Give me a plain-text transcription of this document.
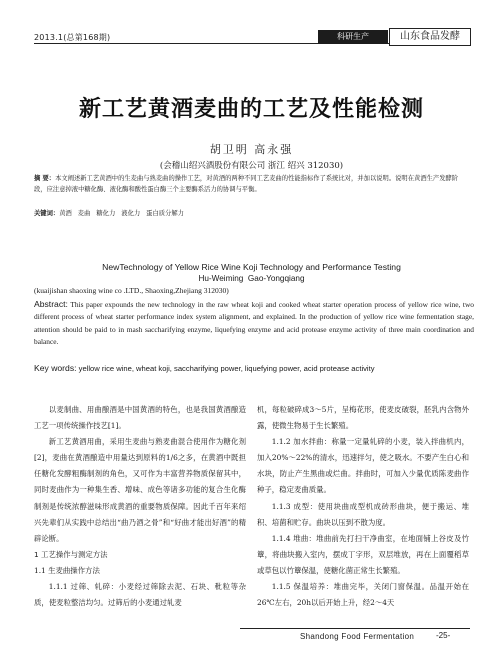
2013.1(总第168期)	科研生产	山东食品发酵
新工艺黄酒麦曲的工艺及性能检测
胡卫明 高永强
(会稽山绍兴酒股份有限公司 浙江 绍兴 312030)
摘 要：本文阐述新工艺黄酒中的生麦曲与熟麦曲的操作工艺，对黄酒的两种不同工艺麦曲的性能指标作了系统比对，并加以说明。说明在黄酒生产发酵阶段，应注意掉液中糖化酶、液化酶和酸性蛋白酶三个主要酶系活力的协调与平衡。
关键词：黄酒   麦曲   糖化力   液化力   蛋白质分解力
NewTechnology of Yellow Rice Wine Koji Technology and Performance Testing
Hu-Weiming  Gao-Yongqiang
(kuaijishan shaoxing wine co .LTD., Shaoxing,Zhejiang 312030)
Abstract: This paper expounds the new technology in the raw wheat koji and cooked wheat starter operation process of yellow rice wine, two different process of wheat starter performance index system alignment, and explained. In the production of yellow rice wine fermentation stage, attention should be paid to in mash saccharifying enzyme, liquefying enzyme and acid protease enzyme activity of three main coordination and balance.
Key words: yellow rice wine, wheat koji, saccharifying power, liquefying power, acid protease activity

以麦制曲、用曲酿酒是中国黄酒的特色，也是我国黄酒酿造工艺一项传统操作技艺[1]。

新工艺黄酒用曲，采用生麦曲与熟麦曲混合使用作为糖化剂[2]，麦曲在黄酒酿造中用量达到原料的1/6之多，在黄酒中既担任糖化发酵粗酶制剂的角色，又可作为丰富营养物质保留其中，同时麦曲作为一种集生香、增味、成色等诸多功能的复合生化酶制剂是传统浓醇滋味形成黄酒的重要物质保障。因此千百年来绍兴先辈们从实践中总结出“曲乃酒之骨”和“好曲才能出好酒”的精辟论断。

1 工艺操作与测定方法

1.1 生麦曲操作方法

1.1.1 过筛、轧碎：小麦经过筛除去泥、石块、秕粒等杂质，使麦粒整洁均匀。过筛后的小麦通过轧麦

机，每粒破碎成3～5片，呈梅花形，使麦皮破裂，胚乳内含物外露，使微生物易于生长繁殖。

1.1.2 加水拌曲：称量一定量轧碎的小麦，装入拌曲机内，加入20%～22%的清水，迅速拌匀，使之吸水。不要产生白心和水块，防止产生黑曲或烂曲。拌曲时，可加入少量优质陈麦曲作种子，稳定麦曲质量。

1.1.3 成型：使用块曲成型机成砖形曲块，便于搬运、堆积、培菌和贮存。曲块以压到不散为度。

1.1.4 堆曲：堆曲前先打扫干净曲室，在地面铺上谷皮及竹簟，将曲块搬入室内，摆成丁字形，双层堆放，再在上面覆稻草或草包以竹簟保温，使糖化菌正常生长繁殖。

1.1.5 保温培养：堆曲完毕，关闭门窗保温。品温开始在26℃左右，20h以后开始上升，经2～4天

Shandong Food Fermentation	-25-
